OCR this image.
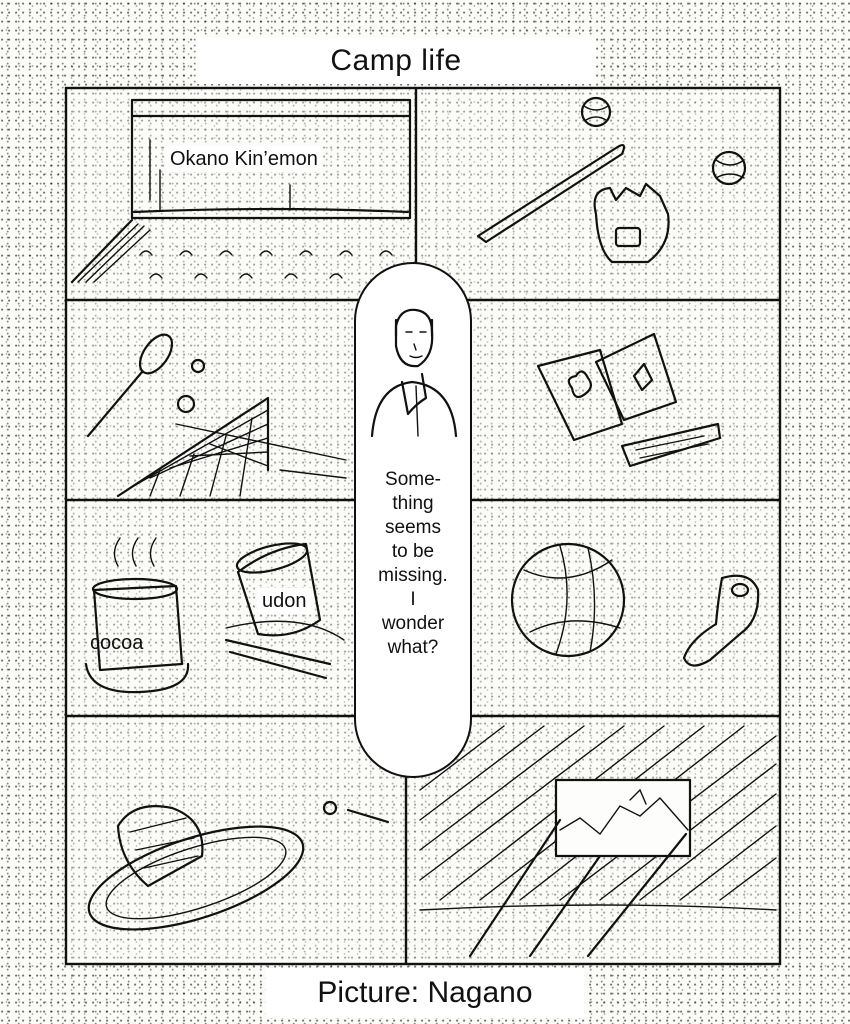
Camp life
Okano Kin’emon
cocoa
udon
Some-
thing
seems
to be
missing.
I
wonder
what?
Picture: Nagano
